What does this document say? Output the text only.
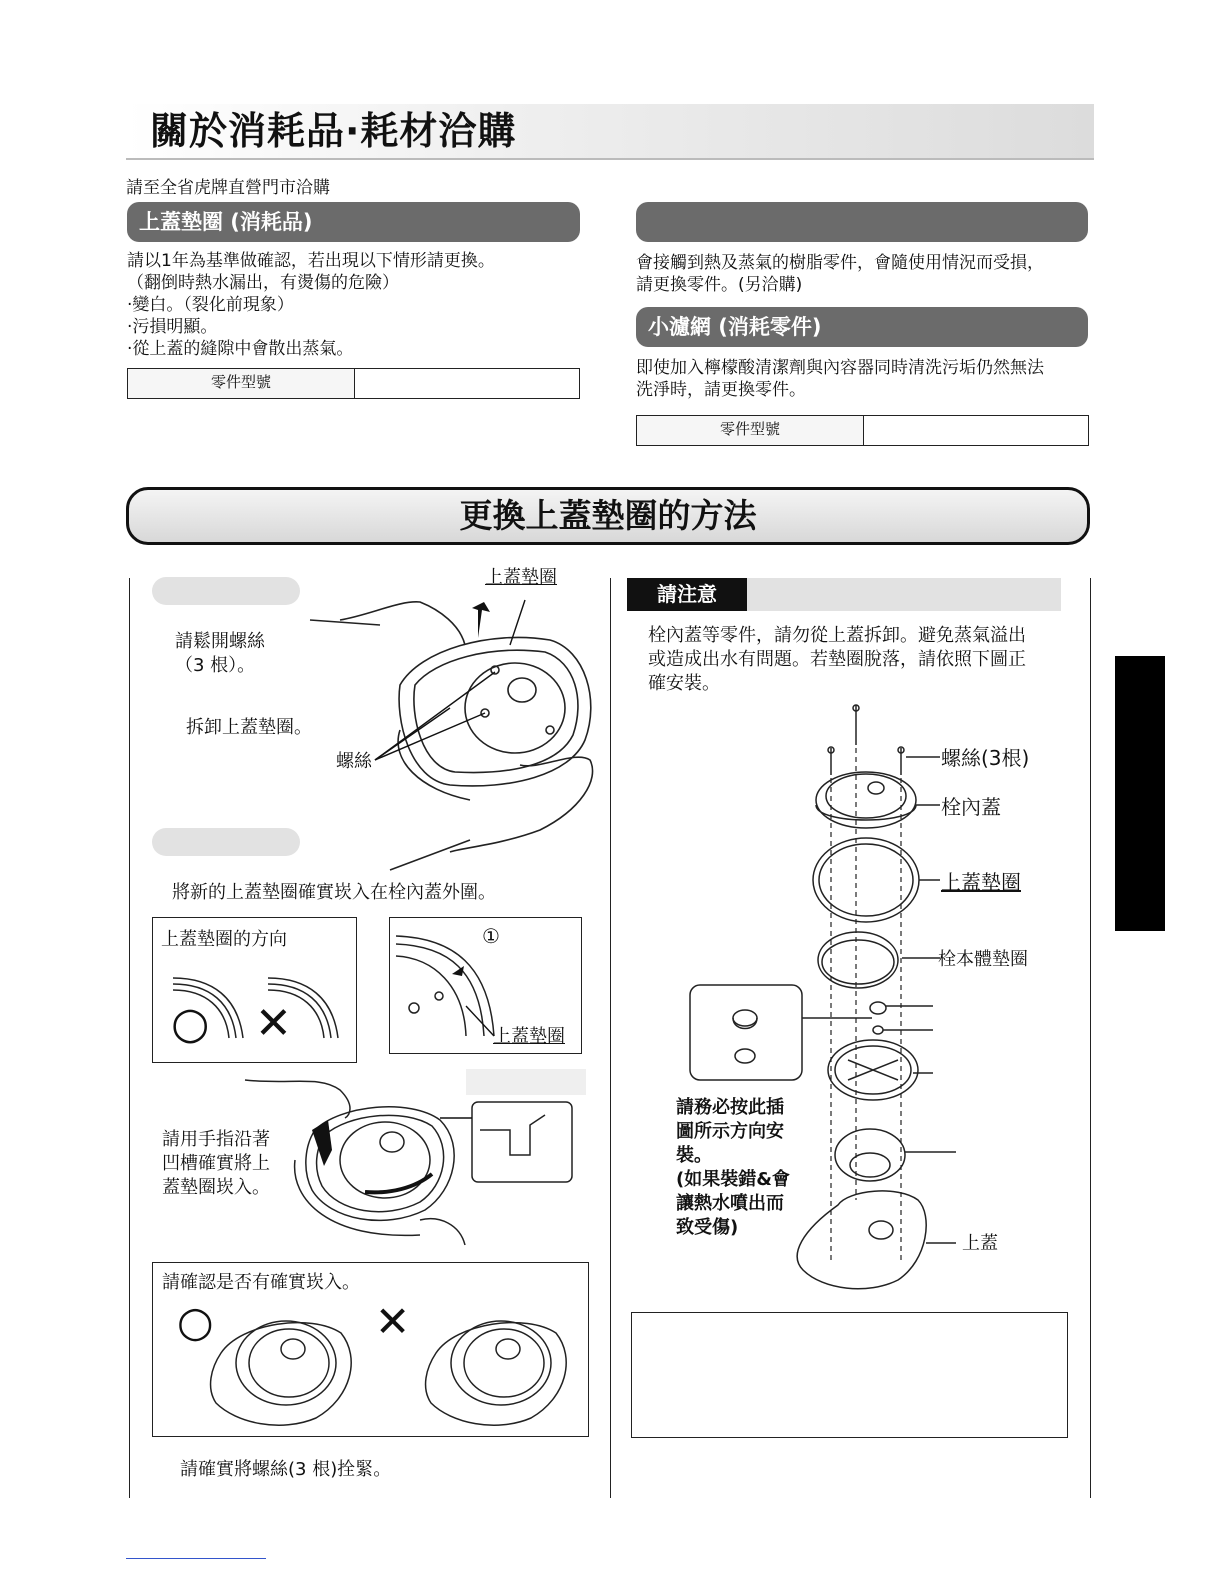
關於消耗品·耗材洽購
請至全省虎牌直營門市洽購
上蓋墊圈 (消耗品)
請以1年為基準做確認，若出現以下情形請更換。
（翻倒時熱水漏出，有燙傷的危險）
·變白。（裂化前現象）
·污損明顯。
·從上蓋的縫隙中會散出蒸氣。
零件型號
會接觸到熱及蒸氣的樹脂零件，會隨使用情況而受損，
請更換零件。(另洽購)
小濾網 (消耗零件)
即使加入檸檬酸清潔劑與內容器同時清洗污垢仍然無法
洗淨時，請更換零件。
零件型號
更換上蓋墊圈的方法
請鬆開螺絲
（3 根）。
拆卸上蓋墊圈。
上蓋墊圈
螺絲
將新的上蓋墊圈確實崁入在栓內蓋外圍。
上蓋墊圈的方向
○ ✕
①
上蓋墊圈
請用手指沿著
凹槽確實將上
蓋墊圈崁入。
請確認是否有確實崁入。
○	✕
請確實將螺絲(3 根)拴緊。
請注意
栓內蓋等零件，請勿從上蓋拆卸。避免蒸氣溢出
或造成出水有問題。若墊圈脫落，請依照下圖正
確安裝。
螺絲(3根)
栓內蓋
上蓋墊圈
栓本體墊圈
上蓋
請務必按此插
圖所示方向安
裝。
(如果裝錯&會
讓熱水噴出而
致受傷)
